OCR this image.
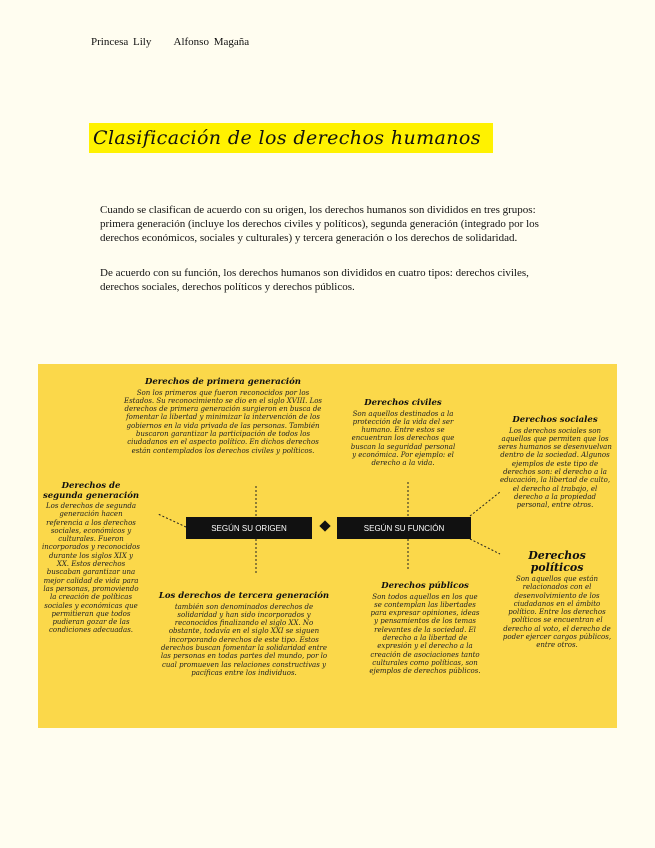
Princesa Lily Alfonso Magaña
Clasificación de los derechos humanos

Cuando se clasifican de acuerdo con su origen, los derechos humanos son divididos en tres grupos: primera generación (incluye los derechos civiles y políticos), segunda generación (integrado por los derechos económicos, sociales y culturales) y tercera generación o los derechos de solidaridad.

De acuerdo con su función, los derechos humanos son divididos en cuatro tipos: derechos civiles, derechos sociales, derechos políticos y derechos públicos.

Derechos de primera generación

Son los primeros que fueron reconocidos por los Estados. Su reconocimiento se dio en el siglo XVIII. Los derechos de primera generación surgieron en busca de fomentar la libertad y minimizar la intervención de los gobiernos en la vida privada de las personas. También buscaron garantizar la participación de todos los ciudadanos en el aspecto político. En dichos derechos están contemplados los derechos civiles y políticos.

Derechos de segunda generación

Los derechos de segunda generación hacen referencia a los derechos sociales, económicos y culturales. Fueron incorporados y reconocidos durante los siglos XIX y XX. Estos derechos buscaban garantizar una mejor calidad de vida para las personas, promoviendo la creación de políticas sociales y económicas que permitieran que todos pudieran gozar de las condiciones adecuadas.

Los derechos de tercera generación

también son denominados derechos de solidaridad y han sido incorporados y reconocidos finalizando el siglo XX. No obstante, todavía en el siglo XXI se siguen incorporando derechos de este tipo. Estos derechos buscan fomentar la solidaridad entre las personas en todas partes del mundo, por lo cual promueven las relaciones constructivas y pacíficas entre los individuos.

Derechos civiles

Son aquellos destinados a la protección de la vida del ser humano. Entre estos se encuentran los derechos que buscan la seguridad personal y económica. Por ejemplo: el derecho a la vida.

Derechos sociales

Los derechos sociales son aquellos que permiten que los seres humanos se desenvuelvan dentro de la sociedad. Algunos ejemplos de este tipo de derechos son: el derecho a la educación, la libertad de culto, el derecho al trabajo, el derecho a la propiedad personal, entre otros.

Derechos políticos

Son aquellos que están relacionados con el desenvolvimiento de los ciudadanos en el ámbito político. Entre los derechos políticos se encuentran el derecho al voto, el derecho de poder ejercer cargos públicos, entre otros.

Derechos públicos

Son todos aquellos en los que se contemplan las libertades para expresar opiniones, ideas y pensamientos de los temas relevantes de la sociedad. El derecho a la libertad de expresión y el derecho a la creación de asociaciones tanto culturales como políticas, son ejemplos de derechos públicos.

SEGÚN SU ORIGEN	SEGÚN SU FUNCIÓN
